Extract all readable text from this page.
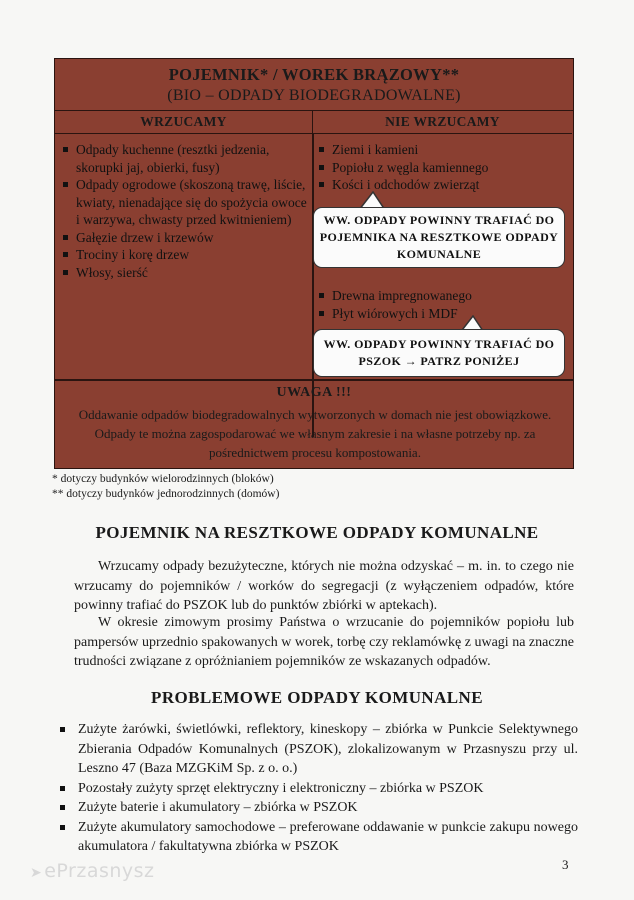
POJEMNIK* / WOREK BRĄZOWY**
(BIO – ODPADY BIODEGRADOWALNE)
WRZUCAMY	NIE WRZUCAMY
Odpady kuchenne (resztki jedzenia, skorupki jaj, obierki, fusy)
Odpady ogrodowe (skoszoną trawę, liście, kwiaty, nienadające się do spożycia owoce i warzywa, chwasty przed kwitnieniem)
Gałęzie drzew i krzewów
Trociny i korę drzew
Włosy, sierść
Ziemi i kamieni
Popiołu z węgla kamiennego
Kości i odchodów zwierząt
WW. ODPADY POWINNY TRAFIAĆ DO POJEMNIKA NA RESZTKOWE ODPADY KOMUNALNE
Drewna impregnowanego
Płyt wiórowych i MDF
WW. ODPADY POWINNY TRAFIAĆ DO PSZOK → PATRZ PONIŻEJ
UWAGA !!!
Oddawanie odpadów biodegradowalnych wytworzonych w domach nie jest obowiązkowe. Odpady te można zagospodarować we własnym zakresie i na własne potrzeby np. za pośrednictwem procesu kompostowania.
* dotyczy budynków wielorodzinnych (bloków)
** dotyczy budynków jednorodzinnych (domów)
POJEMNIK NA RESZTKOWE ODPADY KOMUNALNE

Wrzucamy odpady bezużyteczne, których nie można odzyskać – m. in. to czego nie wrzucamy do pojemników / worków do segregacji (z wyłączeniem odpadów, które powinny trafiać do PSZOK lub do punktów zbiórki w aptekach).

W okresie zimowym prosimy Państwa o wrzucanie do pojemników popiołu lub pampersów uprzednio spakowanych w worek, torbę czy reklamówkę z uwagi na znaczne trudności związane z opróżnianiem pojemników ze wskazanych odpadów.

PROBLEMOWE ODPADY KOMUNALNE
Zużyte żarówki, świetlówki, reflektory, kineskopy – zbiórka w Punkcie Selektywnego Zbierania Odpadów Komunalnych (PSZOK), zlokalizowanym w Przasnyszu przy ul. Leszno 47 (Baza MZGKiM Sp. z o. o.)
Pozostały zużyty sprzęt elektryczny i elektroniczny – zbiórka w PSZOK
Zużyte baterie i akumulatory – zbiórka w PSZOK
Zużyte akumulatory samochodowe – preferowane oddawanie w punkcie zakupu nowego akumulatora / fakultatywna zbiórka w PSZOK
➤ ePrzasnysz	3
